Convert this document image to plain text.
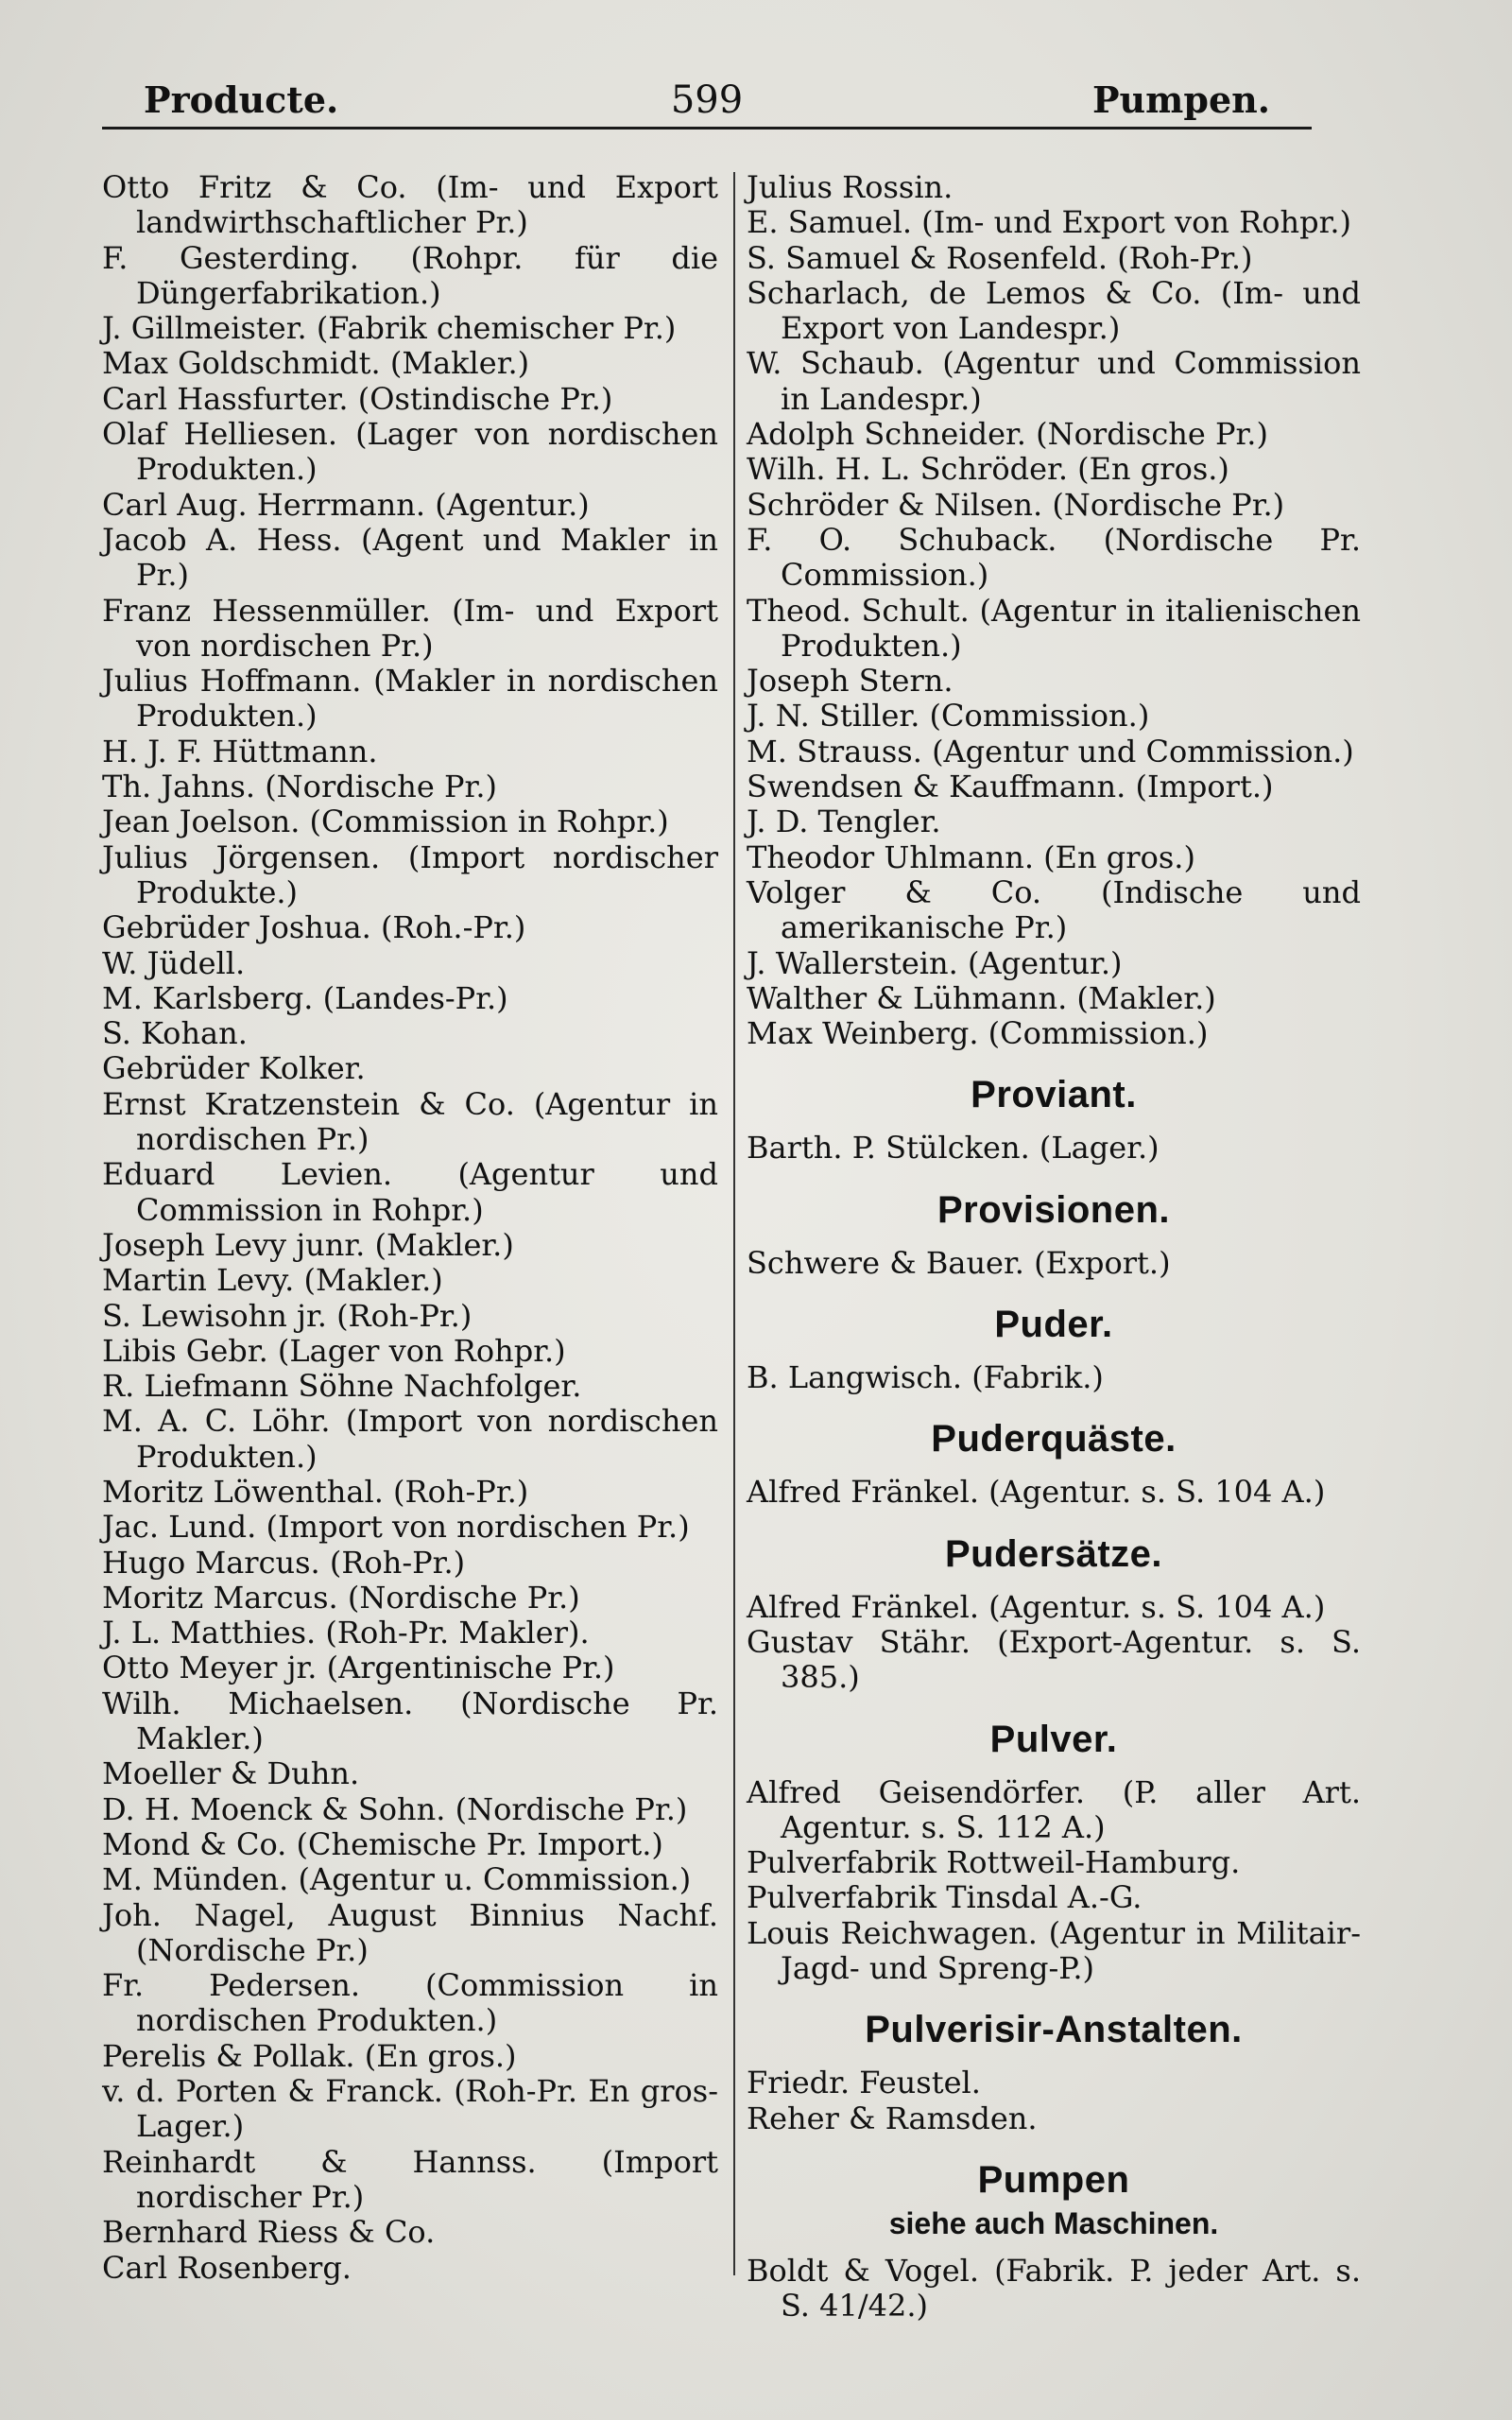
Producte.	599	Pumpen.

Otto Fritz & Co. (Im- und Export landwirthschaftlicher Pr.)

F. Gesterding. (Rohpr. für die Düngerfabrikation.)

J. Gillmeister. (Fabrik chemischer Pr.)

Max Goldschmidt. (Makler.)

Carl Hassfurter. (Ostindische Pr.)

Olaf Helliesen. (Lager von nordischen Produkten.)

Carl Aug. Herrmann. (Agentur.)

Jacob A. Hess. (Agent und Makler in Pr.)

Franz Hessenmüller. (Im- und Export von nordischen Pr.)

Julius Hoffmann. (Makler in nordischen Produkten.)

H. J. F. Hüttmann.

Th. Jahns. (Nordische Pr.)

Jean Joelson. (Commission in Rohpr.)

Julius Jörgensen. (Import nordischer Produkte.)

Gebrüder Joshua. (Roh.-Pr.)

W. Jüdell.

M. Karlsberg. (Landes-Pr.)

S. Kohan.

Gebrüder Kolker.

Ernst Kratzenstein & Co. (Agentur in nordischen Pr.)

Eduard Levien. (Agentur und Commission in Rohpr.)

Joseph Levy junr. (Makler.)

Martin Levy. (Makler.)

S. Lewisohn jr. (Roh-Pr.)

Libis Gebr. (Lager von Rohpr.)

R. Liefmann Söhne Nachfolger.

M. A. C. Löhr. (Import von nordischen Produkten.)

Moritz Löwenthal. (Roh-Pr.)

Jac. Lund. (Import von nordischen Pr.)

Hugo Marcus. (Roh-Pr.)

Moritz Marcus. (Nordische Pr.)

J. L. Matthies. (Roh-Pr. Makler).

Otto Meyer jr. (Argentinische Pr.)

Wilh. Michaelsen. (Nordische Pr. Makler.)

Moeller & Duhn.

D. H. Moenck & Sohn. (Nordische Pr.)

Mond & Co. (Chemische Pr. Import.)

M. Münden. (Agentur u. Commission.)

Joh. Nagel, August Binnius Nachf. (Nordische Pr.)

Fr. Pedersen. (Commission in nordischen Produkten.)

Perelis & Pollak. (En gros.)

v. d. Porten & Franck. (Roh-Pr. En gros-Lager.)

Reinhardt & Hannss. (Import nordischer Pr.)

Bernhard Riess & Co.

Carl Rosenberg.

Julius Rossin.

E. Samuel. (Im- und Export von Rohpr.)

S. Samuel & Rosenfeld. (Roh-Pr.)

Scharlach, de Lemos & Co. (Im- und Export von Landespr.)

W. Schaub. (Agentur und Commission in Landespr.)

Adolph Schneider. (Nordische Pr.)

Wilh. H. L. Schröder. (En gros.)

Schröder & Nilsen. (Nordische Pr.)

F. O. Schuback. (Nordische Pr. Commission.)

Theod. Schult. (Agentur in italienischen Produkten.)

Joseph Stern.

J. N. Stiller. (Commission.)

M. Strauss. (Agentur und Commission.)

Swendsen & Kauffmann. (Import.)

J. D. Tengler.

Theodor Uhlmann. (En gros.)

Volger & Co. (Indische und amerikanische Pr.)

J. Wallerstein. (Agentur.)

Walther & Lühmann. (Makler.)

Max Weinberg. (Commission.)

Proviant.

Barth. P. Stülcken. (Lager.)

Provisionen.

Schwere & Bauer. (Export.)

Puder.

B. Langwisch. (Fabrik.)

Puderquäste.

Alfred Fränkel. (Agentur. s. S. 104 A.)

Pudersätze.

Alfred Fränkel. (Agentur. s. S. 104 A.)

Gustav Stähr. (Export-Agentur. s. S. 385.)

Pulver.

Alfred Geisendörfer. (P. aller Art. Agentur. s. S. 112 A.)

Pulverfabrik Rottweil-Hamburg.

Pulverfabrik Tinsdal A.-G.

Louis Reichwagen. (Agentur in Militair-Jagd- und Spreng-P.)

Pulverisir-Anstalten.

Friedr. Feustel.

Reher & Ramsden.

Pumpen
siehe auch Maschinen.

Boldt & Vogel. (Fabrik. P. jeder Art. s. S. 41/42.)
